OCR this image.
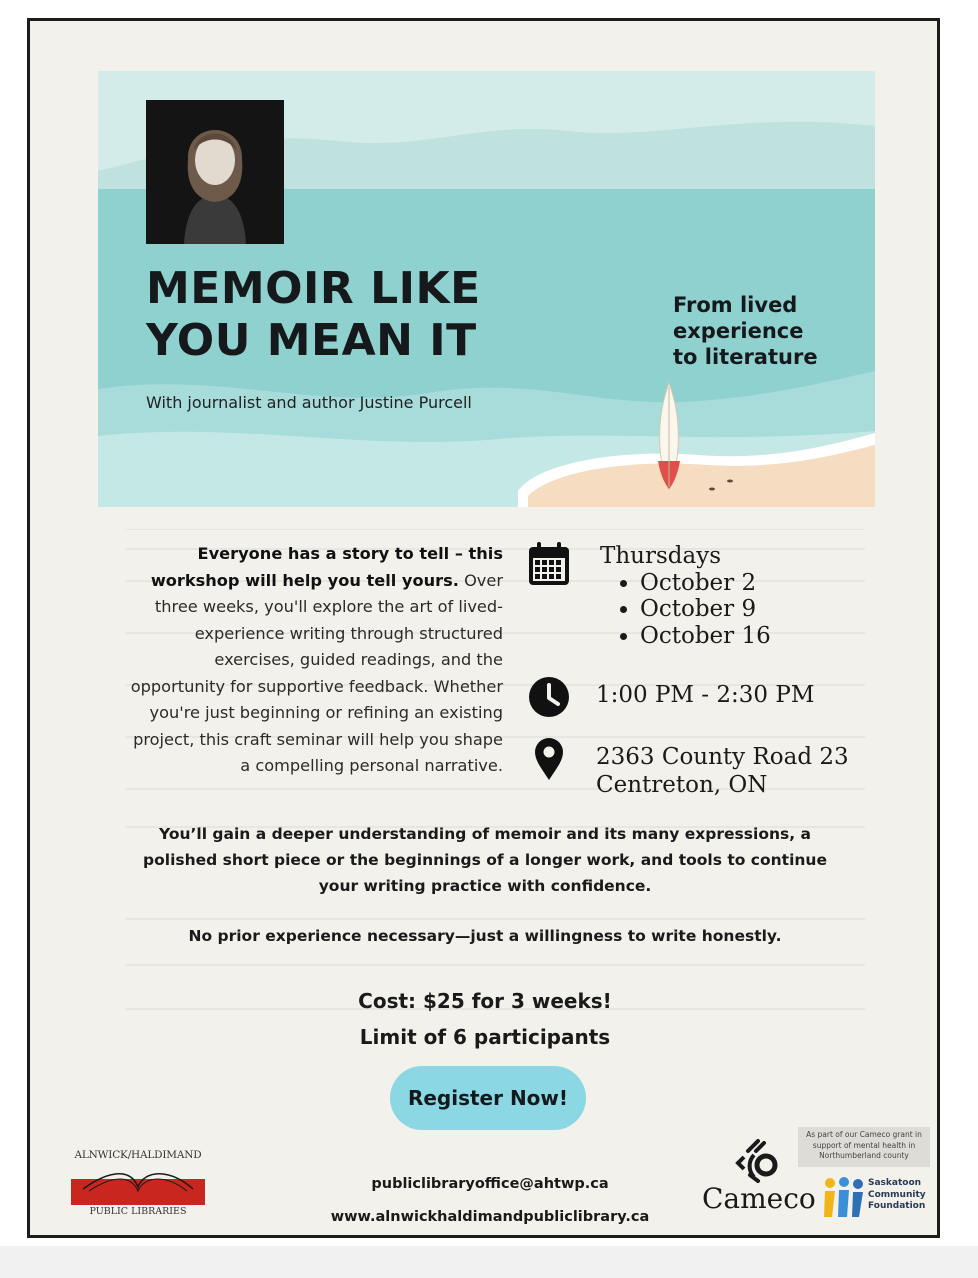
MEMOIR LIKE
YOU MEAN IT
With journalist and author Justine Purcell
From lived
experience
to literature
Everyone has a story to tell – this workshop will help you tell yours. Over three weeks, you'll explore the art of lived-experience writing through structured exercises, guided readings, and the opportunity for supportive feedback. Whether you're just beginning or refining an existing project, this craft seminar will help you shape a compelling personal narrative.
Thursdays
• October 2
• October 9
• October 16
1:00 PM - 2:30 PM
2363 County Road 23
Centreton, ON
You’ll gain a deeper understanding of memoir and its many expressions, a polished short piece or the beginnings of a longer work, and tools to continue your writing practice with confidence.
No prior experience necessary—just a willingness to write honestly.
Cost: $25 for 3 weeks!
Limit of 6 participants
Register Now!
ALNWICK/HALDIMAND
PUBLIC LIBRARIES
publiclibraryoffice@ahtwp.ca
www.alnwickhaldimandpubliclibrary.ca
Cameco
As part of our Cameco grant in support of mental health in Northumberland county
Saskatoon
Community
Foundation
